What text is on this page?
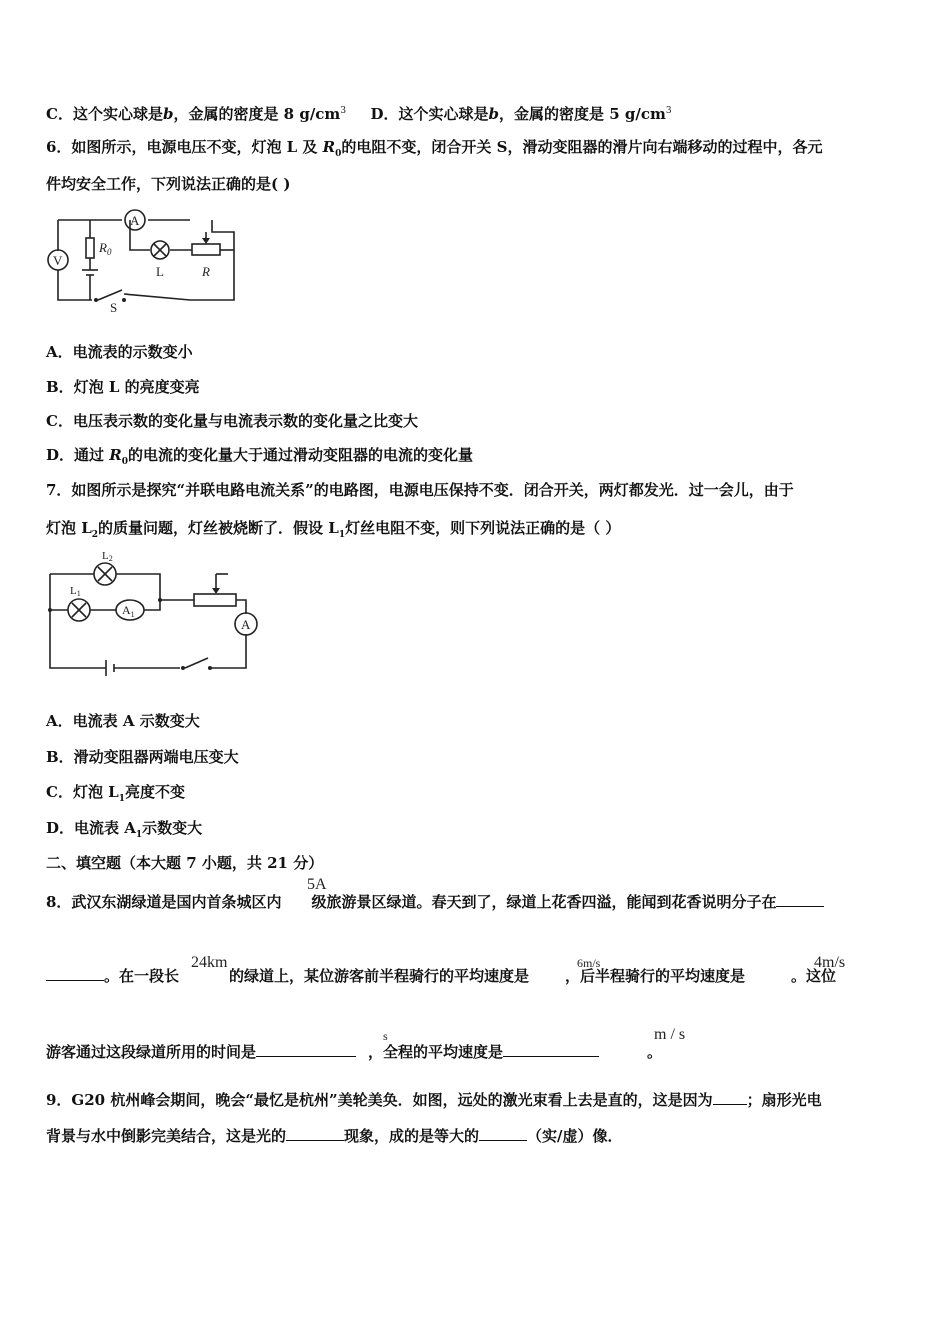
C．这个实心球是b，金属的密度是 8 $g/cm^3$ D．这个实心球是b，金属的密度是 5 $g/cm^3$
6．如图所示，电源电压不变，灯泡 L 及 $R_0$的电阻不变，闭合开关 S，滑动变阻器的滑片向右端移动的过程中，各元
件均安全工作，下列说法正确的是( )
A
V
$R_0$
L	R
S
A．电流表的示数变小
B．灯泡 L 的亮度变亮
C．电压表示数的变化量与电流表示数的变化量之比变大
D．通过 $R_0$的电流的变化量大于通过滑动变阻器的电流的变化量
7．如图所示是探究“并联电路电流关系”的电路图，电源电压保持不变．闭合开关，两灯都发光．过一会儿，由于
灯泡 $L_2$的质量问题，灯丝被烧断了．假设 $L_1$灯丝电阻不变，则下列说法正确的是（ ）
A
$A_1$
L2
L1
A．电流表 A 示数变大
B．滑动变阻器两端电压变大
C．灯泡 $L_1$亮度不变
D．电流表 $A_1$示数变大
二、填空题（本大题 7 小题，共 21 分）
8．武汉东湖绿道是国内首条城区内 级旅游景区绿道。春天到了，绿道上花香四溢，能闻到花香说明分子在
5A
。在一段长	的绿道上，某位游客前半程骑行的平均速度是 ，后半程骑行的平均速度是	。这位
24km	6m/s	4m/s
游客通过这段绿道所用的时间是	，全程的平均速度是	。
s	m / s
9．G20 杭州峰会期间，晚会“最忆是杭州”美轮美奂．如图，远处的激光束看上去是直的，这是因为 ；扇形光电
背景与水中倒影完美结合，这是光的	现象，成的是等大的	（实/虚）像．
